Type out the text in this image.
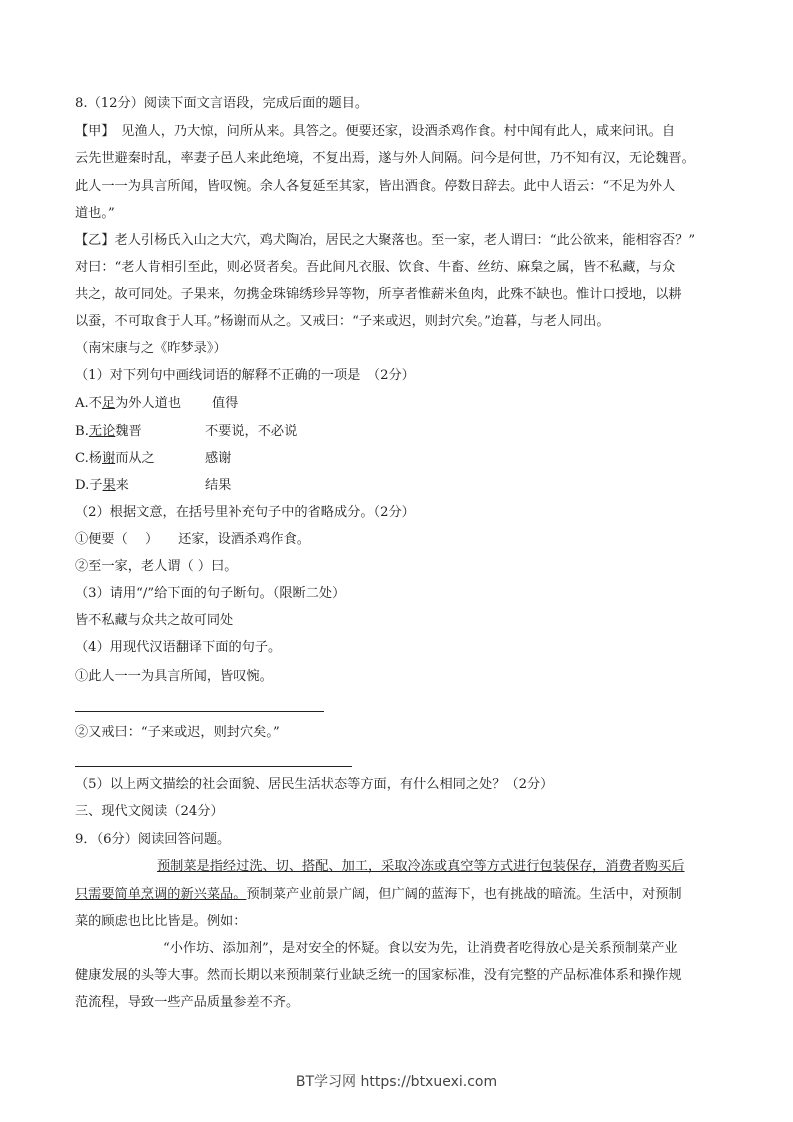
8.（12分）阅读下面文言语段，完成后面的题目。
【甲】　见渔人，乃大惊，问所从来。具答之。便要还家，设酒杀鸡作食。村中闻有此人，咸来问讯。自
云先世避秦时乱，率妻子邑人来此绝境，不复出焉，遂与外人间隔。问今是何世，乃不知有汉，无论魏晋。
此人一一为具言所闻，皆叹惋。余人各复延至其家，皆出酒食。停数日辞去。此中人语云：“不足为外人
道也。”
【乙】老人引杨氏入山之大穴，鸡犬陶冶，居民之大聚落也。至一家，老人谓曰：“此公欲来，能相容否？”
对曰：“老人肯相引至此，则必贤者矣。吾此间凡衣服、饮食、牛畜、丝纺、麻枲之属，皆不私藏，与众
共之，故可同处。子果来，勿携金珠锦绣珍异等物，所享者惟薪米鱼肉，此殊不缺也。惟计口授地，以耕
以蚕，不可取食于人耳。”杨谢而从之。又戒曰：“子来或迟，则封穴矣。”迨暮，与老人同出。
（南宋康与之《昨梦录》）
（1）对下列句中画线词语的解释不正确的一项是　（2分）
A.不足为外人道也 值得
B.无论魏晋	不要说，不必说
C.杨谢而从之	感谢
D.子果来	结果
（2）根据文意，在括号里补充句子中的省略成分。（2分）
①便要（　 ）　　还家，设酒杀鸡作食。
②至一家，老人谓（ ）曰。
（3）请用“/”给下面的句子断句。（限断二处）
皆不私藏与众共之故可同处
（4）用现代汉语翻译下面的句子。
①此人一一为具言所闻，皆叹惋。
②又戒曰：“子来或迟，则封穴矣。”
（5）以上两文描绘的社会面貌、居民生活状态等方面，有什么相同之处？（2分）
三、现代文阅读（24分）
9．（6分）阅读回答问题。
预制菜是指经过洗、切、搭配、加工，采取冷冻或真空等方式进行包装保存，消费者购买后
只需要简单烹调的新兴菜品。预制菜产业前景广阔，但广阔的蓝海下，也有挑战的暗流。生活中，对预制
菜的顾虑也比比皆是。例如：
“小作坊、添加剂”，是对安全的怀疑。食以安为先，让消费者吃得放心是关系预制菜产业
健康发展的头等大事。然而长期以来预制菜行业缺乏统一的国家标准，没有完整的产品标准体系和操作规
范流程，导致一些产品质量参差不齐。
BT学习网 https://btxuexi.com
